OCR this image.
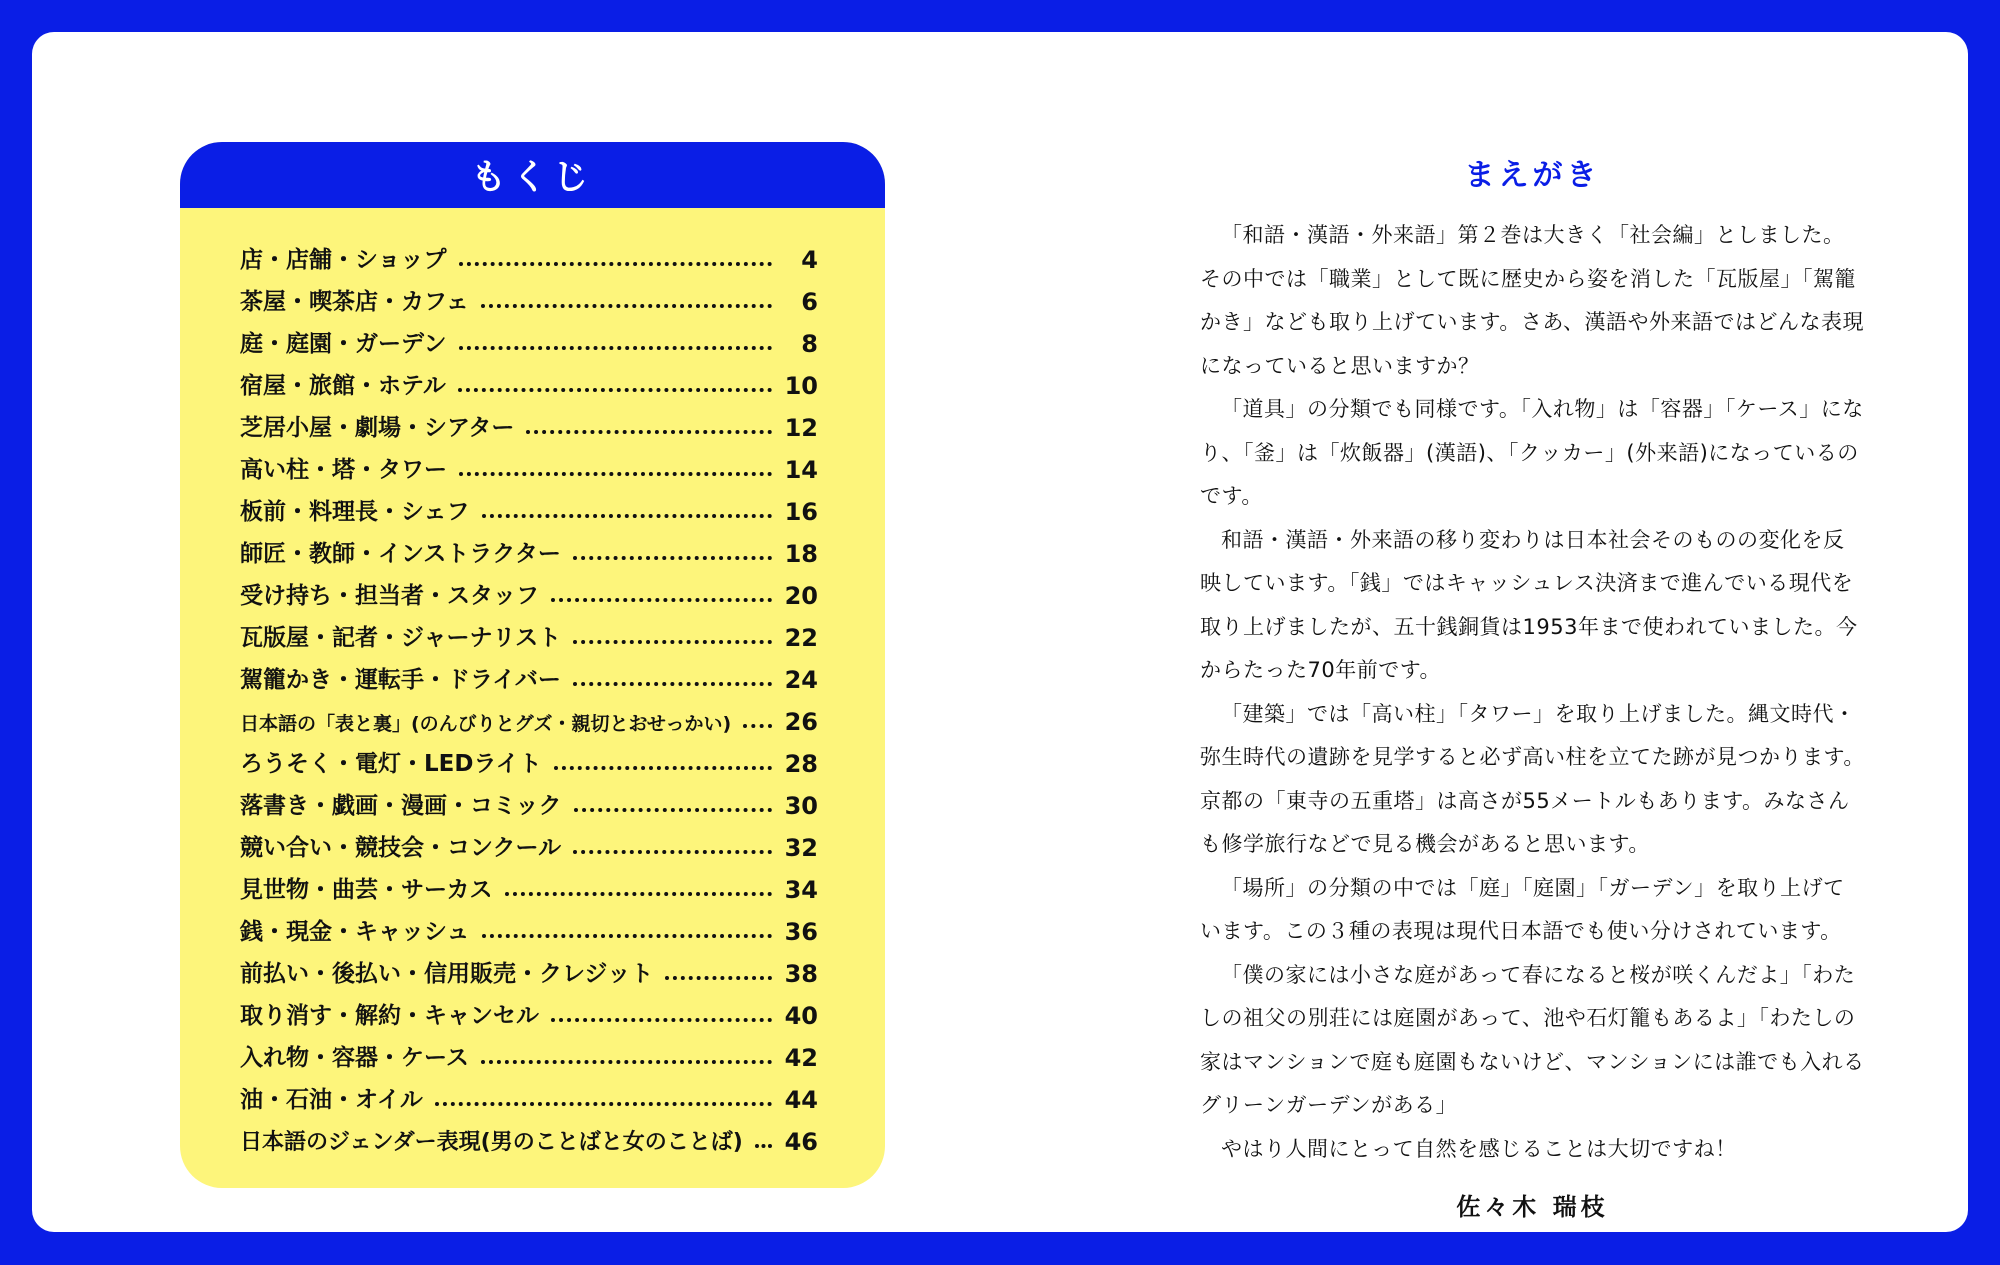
もくじ
店・店舗・ショップ	4
茶屋・喫茶店・カフェ	6
庭・庭園・ガーデン	8
宿屋・旅館・ホテル	10
芝居小屋・劇場・シアター	12
高い柱・塔・タワー	14
板前・料理長・シェフ	16
師匠・教師・インストラクター	18
受け持ち・担当者・スタッフ	20
瓦版屋・記者・ジャーナリスト	22
駕籠かき・運転手・ドライバー	24
日本語の「表と裏」(のんびりとグズ・親切とおせっかい) 26
ろうそく・電灯・LEDライト	28
落書き・戯画・漫画・コミック	30
競い合い・競技会・コンクール	32
見世物・曲芸・サーカス	34
銭・現金・キャッシュ	36
前払い・後払い・信用販売・クレジット	38
取り消す・解約・キャンセル	40
入れ物・容器・ケース	42
油・石油・オイル	44
日本語のジェンダー表現(男のことばと女のことば) 46
まえがき

「和語・漢語・外来語」第２巻は大きく「社会編」としました。その中では「職業」として既に歴史から姿を消した「瓦版屋」「駕籠かき」なども取り上げています。さあ、漢語や外来語ではどんな表現になっていると思いますか？

「道具」の分類でも同様です。「入れ物」は「容器」「ケース」になり、「釜」は「炊飯器」(漢語)、「クッカー」(外来語)になっているのです。

和語・漢語・外来語の移り変わりは日本社会そのものの変化を反映しています。「銭」ではキャッシュレス決済まで進んでいる現代を取り上げましたが、五十銭銅貨は1953年まで使われていました。今からたった70年前です。

「建築」では「高い柱」「タワー」を取り上げました。縄文時代・弥生時代の遺跡を見学すると必ず高い柱を立てた跡が見つかります。京都の「東寺の五重塔」は高さが55メートルもあります。みなさんも修学旅行などで見る機会があると思います。

「場所」の分類の中では「庭」「庭園」「ガーデン」を取り上げています。この３種の表現は現代日本語でも使い分けされています。

「僕の家には小さな庭があって春になると桜が咲くんだよ」「わたしの祖父の別荘には庭園があって、池や石灯籠もあるよ」「わたしの家はマンションで庭も庭園もないけど、マンションには誰でも入れるグリーンガーデンがある」

やはり人間にとって自然を感じることは大切ですね！

佐々木 瑞枝
